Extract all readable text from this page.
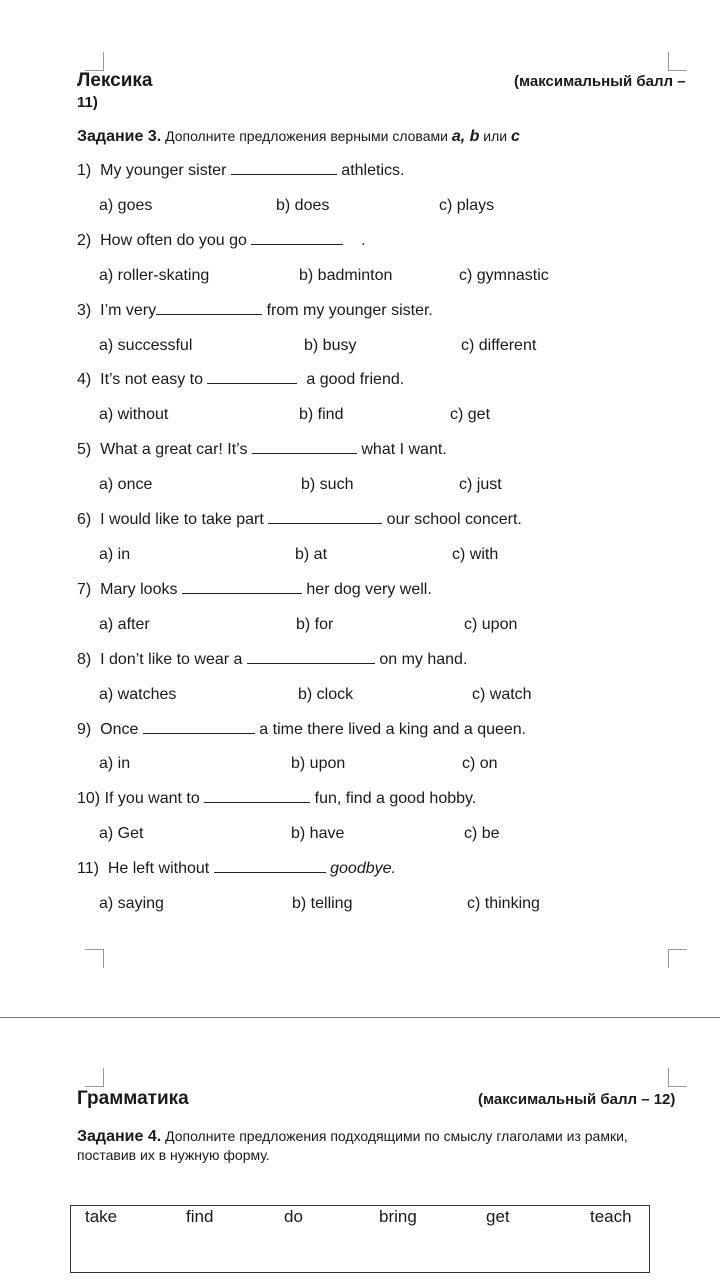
Лексика	(максимальный балл –
11)
Задание 3. Дополните предложения верными словами a, b или c
1) My younger sister	athletics.
a) goes	b) does	c) plays
2) How often do you go	.
a) roller-skating	b) badminton	c) gymnastic
3) I’m very	from my younger sister.
a) successful	b) busy	c) different
4) It’s not easy to	a good friend.
a) without	b) find	c) get
5) What a great car! It’s	what I want.
a) once	b) such	c) just
6) I would like to take part	our school concert.
a) in	b) at	c) with
7) Mary looks	her dog very well.
a) after	b) for	c) upon
8) I don’t like to wear a	on my hand.
a) watches	b) clock	c) watch
9) Once	a time there lived a king and a queen.
a) in	b) upon	c) on
10) If you want to	fun, find a good hobby.
a) Get	b) have	c) be
11) He left without	goodbye.
a) saying	b) telling	c) thinking
Грамматика	(максимальный балл – 12)
Задание 4. Дополните предложения подходящими по смыслу глаголами из рамки,
поставив их в нужную форму.
take	find	do	bring	get	teach
